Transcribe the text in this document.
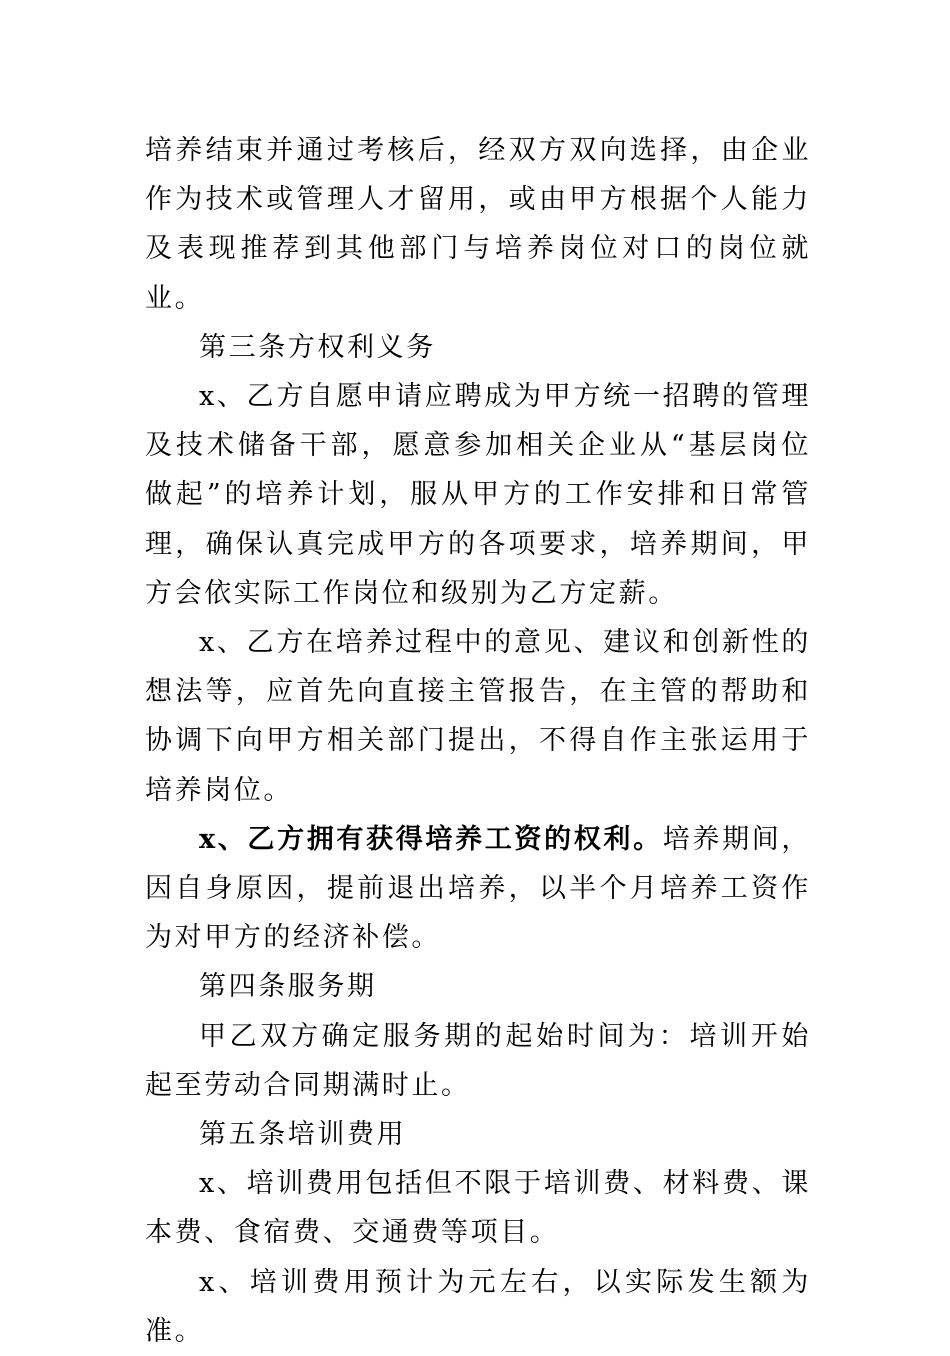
培养结束并通过考核后，经双方双向选择，由企业作为技术或管理人才留用，或由甲方根据个人能力及表现推荐到其他部门与培养岗位对口的岗位就业。

第三条方权利义务

x、乙方自愿申请应聘成为甲方统一招聘的管理及技术储备干部，愿意参加相关企业从“基层岗位做起”的培养计划，服从甲方的工作安排和日常管理，确保认真完成甲方的各项要求，培养期间，甲方会依实际工作岗位和级别为乙方定薪。

x、乙方在培养过程中的意见、建议和创新性的想法等，应首先向直接主管报告，在主管的帮助和协调下向甲方相关部门提出，不得自作主张运用于培养岗位。

x、乙方拥有获得培养工资的权利。培养期间，因自身原因，提前退出培养，以半个月培养工资作为对甲方的经济补偿。

第四条服务期

甲乙双方确定服务期的起始时间为：培训开始起至劳动合同期满时止。

第五条培训费用

x、培训费用包括但不限于培训费、材料费、课本费、食宿费、交通费等项目。

x、培训费用预计为元左右，以实际发生额为准。
